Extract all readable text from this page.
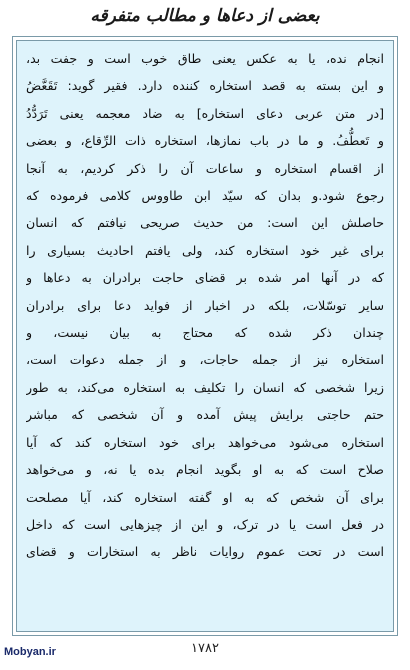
بعضی از دعاها و مطالب متفرقه

انجام نده، یا به عکس یعنی طاق خوب است و جفت بد،
و این بسته به قصد استخاره کننده دارد. فقیر گوید: تَقَعَّضُ
[در متن عربی دعای استخاره] به ضاد معجمه یعنی تَرَدُّدُ
و تَعطُّفُ. و ما در باب نمازها، استخاره ذات الرِّقاع، و بعضی
از اقسام استخاره و ساعات آن را ذکر کردیم، به آنجا
رجوع شود.و بدان که سیّد ابن طاووس کلامی فرموده که
حاصلش این است: من حدیث صریحی نیافتم که انسان
برای غیر خود استخاره کند، ولی یافتم احادیث بسیاری را
که در آنها امر شده بر قضای حاجت برادران به دعاها و
سایر توسّلات، بلکه در اخبار از فواید دعا برای برادران
چندان ذکر شده که محتاج به بیان نیست، و
استخاره نیز از جمله حاجات، و از جمله دعوات است،
زیرا شخصی که انسان را تکلیف به استخاره می‌کند، به طور
حتم حاجتی برایش پیش آمده و آن شخصی که مباشر
استخاره می‌شود می‌خواهد برای خود استخاره کند که آیا
صلاح است که به او بگوید انجام بده یا نه، و می‌خواهد
برای آن شخص که به او گفته استخاره کند، آیا مصلحت
در فعل است یا در ترک، و این از چیزهایی است که داخل
است در تحت عموم روایات ناظر به استخارات و قضای

Mobyan.ir	۱۷۸۲
